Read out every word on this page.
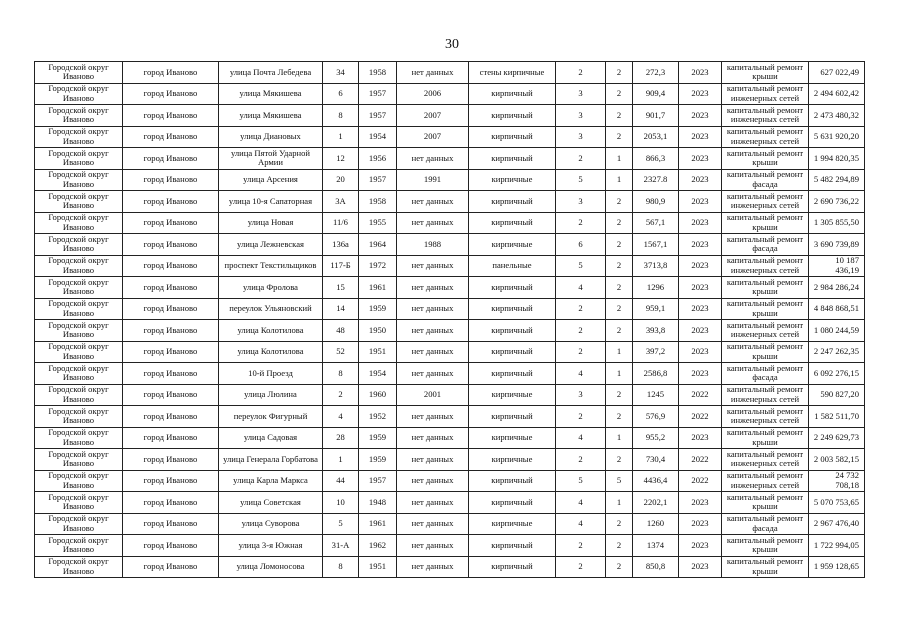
30
Городской округ Иваново	город Иваново	улица Почта Лебедева	34	1958	нет данных	стены кирпичные	2	2	272,3	2023	капитальный ремонт крыши	627 022,49
Городской округ Иваново	город Иваново	улица Мякишева	6	1957	2006	кирпичный	3	2	909,4	2023	капитальный ремонт инженерных сетей	2 494 602,42
Городской округ Иваново	город Иваново	улица Мякишева	8	1957	2007	кирпичный	3	2	901,7	2023	капитальный ремонт инженерных сетей	2 473 480,32
Городской округ Иваново	город Иваново	улица Диановых	1	1954	2007	кирпичный	3	2	2053,1	2023	капитальный ремонт инженерных сетей	5 631 920,20
Городской округ Иваново	город Иваново	улица Пятой Ударной Армии	12	1956	нет данных	кирпичный	2	1	866,3	2023	капитальный ремонт крыши	1 994 820,35
Городской округ Иваново	город Иваново	улица Арсения	20	1957	1991	кирпичные	5	1	2327.8	2023	капитальный ремонт фасада	5 482 294,89
Городской округ Иваново	город Иваново	улица 10-я Сапаторная	3А	1958	нет данных	кирпичный	3	2	980,9	2023	капитальный ремонт инженерных сетей	2 690 736,22
Городской округ Иваново	город Иваново	улица Новая	11/6	1955	нет данных	кирпичный	2	2	567,1	2023	капитальный ремонт крыши	1 305 855,50
Городской округ Иваново	город Иваново	улица Лежневская	136а	1964	1988	кирпичные	6	2	1567,1	2023	капитальный ремонт фасада	3 690 739,89
Городской округ Иваново	город Иваново	проспект Текстильщиков	117-Б	1972	нет данных	панельные	5	2	3713,8	2023	капитальный ремонт инженерных сетей	10 187 436,19
Городской округ Иваново	город Иваново	улица Фролова	15	1961	нет данных	кирпичный	4	2	1296	2023	капитальный ремонт крыши	2 984 286,24
Городской округ Иваново	город Иваново	переулок Ульяновский	14	1959	нет данных	кирпичный	2	2	959,1	2023	капитальный ремонт крыши	4 848 868,51
Городской округ Иваново	город Иваново	улица Колотилова	48	1950	нет данных	кирпичный	2	2	393,8	2023	капитальный ремонт инженерных сетей	1 080 244,59
Городской округ Иваново	город Иваново	улица Колотилова	52	1951	нет данных	кирпичный	2	1	397,2	2023	капитальный ремонт крыши	2 247 262,35
Городской округ Иваново	город Иваново	10-й Проезд	8	1954	нет данных	кирпичный	4	1	2586,8	2023	капитальный ремонт фасада	6 092 276,15
Городской округ Иваново	город Иваново	улица Люлина	2	1960	2001	кирпичные	3	2	1245	2022	капитальный ремонт инженерных сетей	590 827,20
Городской округ Иваново	город Иваново	переулок Фигурный	4	1952	нет данных	кирпичный	2	2	576,9	2022	капитальный ремонт инженерных сетей	1 582 511,70
Городской округ Иваново	город Иваново	улица Садовая	28	1959	нет данных	кирпичные	4	1	955,2	2023	капитальный ремонт крыши	2 249 629,73
Городской округ Иваново	город Иваново	улица Генерала Горбатова	1	1959	нет данных	кирпичные	2	2	730,4	2022	капитальный ремонт инженерных сетей	2 003 582,15
Городской округ Иваново	город Иваново	улица Карла Маркса	44	1957	нет данных	кирпичный	5	5	4436,4	2022	капитальный ремонт инженерных сетей	24 732 708,18
Городской округ Иваново	город Иваново	улица Советская	10	1948	нет данных	кирпичный	4	1	2202,1	2023	капитальный ремонт крыши	5 070 753,65
Городской округ Иваново	город Иваново	улица Суворова	5	1961	нет данных	кирпичные	4	2	1260	2023	капитальный ремонт фасада	2 967 476,40
Городской округ Иваново	город Иваново	улица 3-я Южная	31-А	1962	нет данных	кирпичный	2	2	1374	2023	капитальный ремонт крыши	1 722 994,05
Городской округ Иваново	город Иваново	улица Ломоносова	8	1951	нет данных	кирпичный	2	2	850,8	2023	капитальный ремонт крыши	1 959 128,65
